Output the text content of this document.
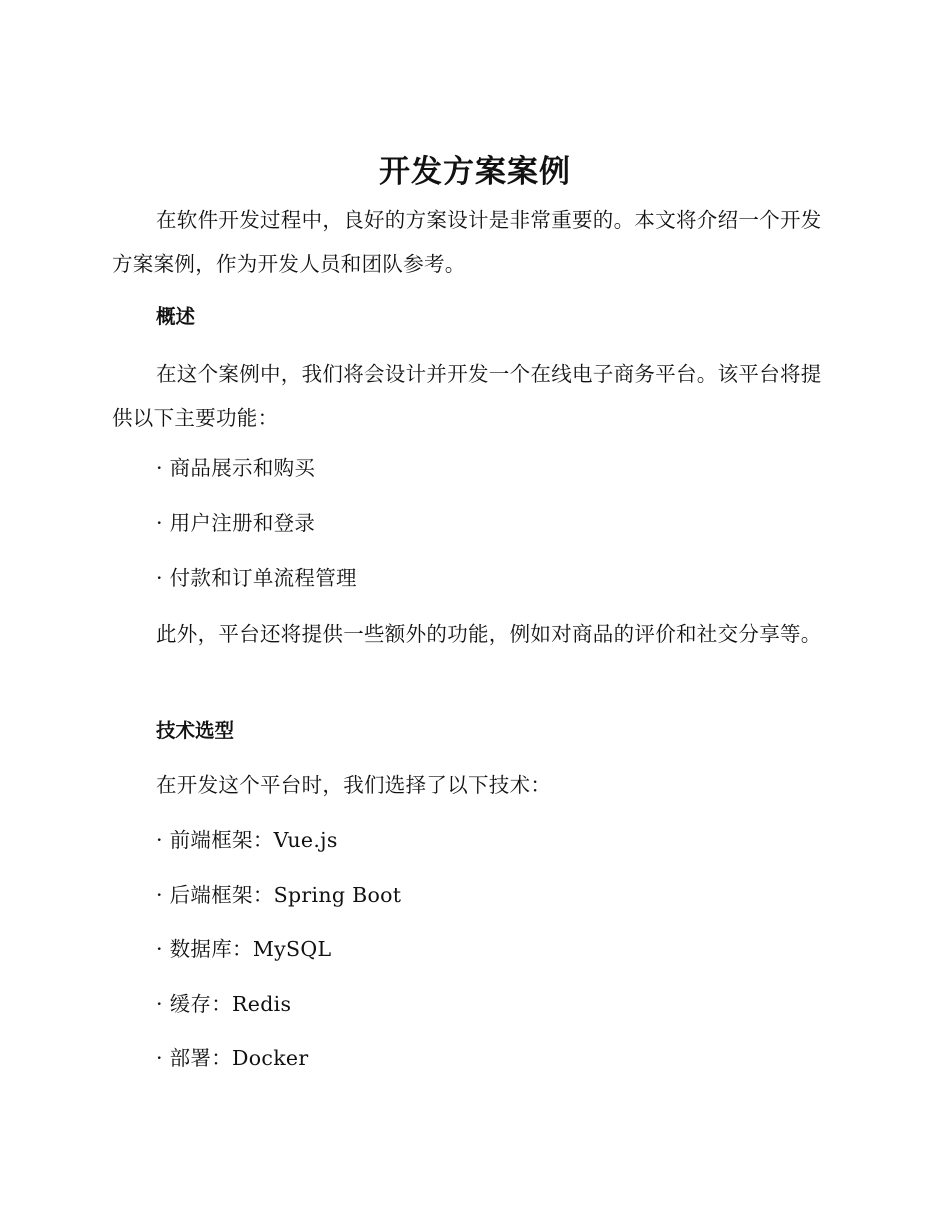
开发方案案例

在软件开发过程中，良好的方案设计是非常重要的。本文将介绍一个开发方案案例，作为开发人员和团队参考。

概述

在这个案例中，我们将会设计并开发一个在线电子商务平台。该平台将提供以下主要功能：

· 商品展示和购买

· 用户注册和登录

· 付款和订单流程管理

此外，平台还将提供一些额外的功能，例如对商品的评价和社交分享等。

技术选型

在开发这个平台时，我们选择了以下技术：

· 前端框架：Vue.js

· 后端框架：Spring Boot

· 数据库：MySQL

· 缓存：Redis

· 部署：Docker
